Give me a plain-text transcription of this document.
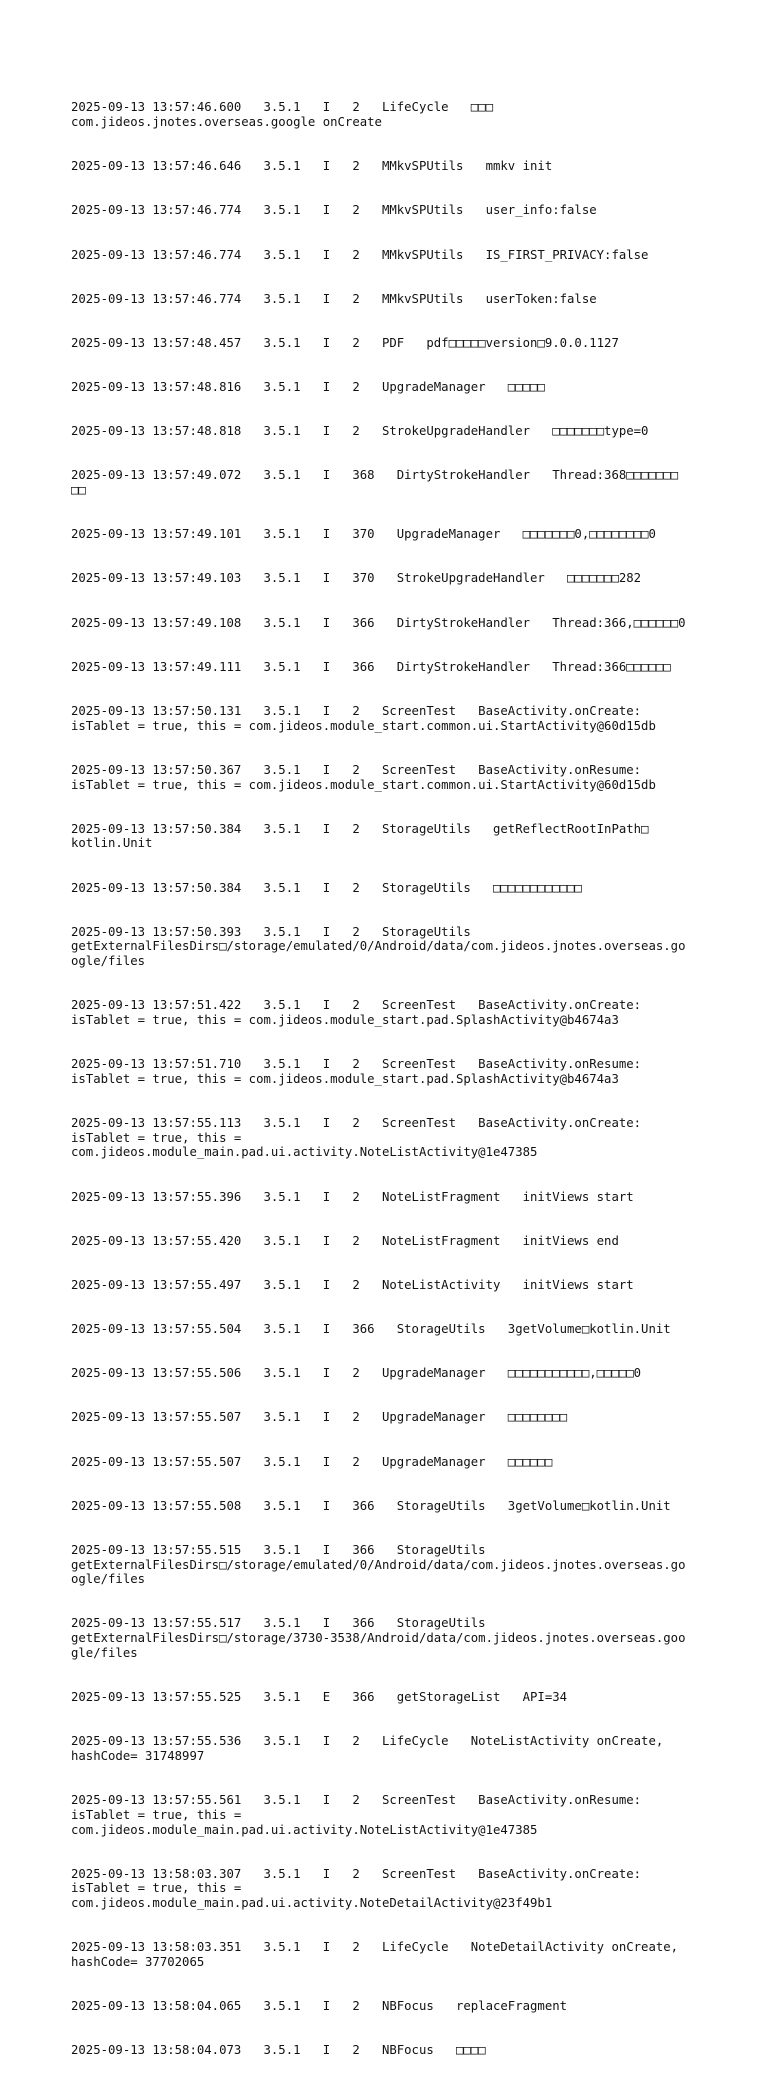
2025-09-13 13:57:46.600   3.5.1   I   2   LifeCycle   □□□
com.jideos.jnotes.overseas.google onCreate

2025-09-13 13:57:46.646   3.5.1   I   2   MMkvSPUtils   mmkv init

2025-09-13 13:57:46.774   3.5.1   I   2   MMkvSPUtils   user_info:false

2025-09-13 13:57:46.774   3.5.1   I   2   MMkvSPUtils   IS_FIRST_PRIVACY:false

2025-09-13 13:57:46.774   3.5.1   I   2   MMkvSPUtils   userToken:false

2025-09-13 13:57:48.457   3.5.1   I   2   PDF   pdf□□□□□version□9.0.0.1127

2025-09-13 13:57:48.816   3.5.1   I   2   UpgradeManager   □□□□□

2025-09-13 13:57:48.818   3.5.1   I   2   StrokeUpgradeHandler   □□□□□□□type=0

2025-09-13 13:57:49.072   3.5.1   I   368   DirtyStrokeHandler   Thread:368□□□□□□□
□□

2025-09-13 13:57:49.101   3.5.1   I   370   UpgradeManager   □□□□□□□0,□□□□□□□□0

2025-09-13 13:57:49.103   3.5.1   I   370   StrokeUpgradeHandler   □□□□□□□282

2025-09-13 13:57:49.108   3.5.1   I   366   DirtyStrokeHandler   Thread:366,□□□□□□0

2025-09-13 13:57:49.111   3.5.1   I   366   DirtyStrokeHandler   Thread:366□□□□□□

2025-09-13 13:57:50.131   3.5.1   I   2   ScreenTest   BaseActivity.onCreate:
isTablet = true, this = com.jideos.module_start.common.ui.StartActivity@60d15db

2025-09-13 13:57:50.367   3.5.1   I   2   ScreenTest   BaseActivity.onResume:
isTablet = true, this = com.jideos.module_start.common.ui.StartActivity@60d15db

2025-09-13 13:57:50.384   3.5.1   I   2   StorageUtils   getReflectRootInPath□
kotlin.Unit

2025-09-13 13:57:50.384   3.5.1   I   2   StorageUtils   □□□□□□□□□□□□

2025-09-13 13:57:50.393   3.5.1   I   2   StorageUtils
getExternalFilesDirs□/storage/emulated/0/Android/data/com.jideos.jnotes.overseas.go
ogle/files

2025-09-13 13:57:51.422   3.5.1   I   2   ScreenTest   BaseActivity.onCreate:
isTablet = true, this = com.jideos.module_start.pad.SplashActivity@b4674a3

2025-09-13 13:57:51.710   3.5.1   I   2   ScreenTest   BaseActivity.onResume:
isTablet = true, this = com.jideos.module_start.pad.SplashActivity@b4674a3

2025-09-13 13:57:55.113   3.5.1   I   2   ScreenTest   BaseActivity.onCreate:
isTablet = true, this =
com.jideos.module_main.pad.ui.activity.NoteListActivity@1e47385

2025-09-13 13:57:55.396   3.5.1   I   2   NoteListFragment   initViews start

2025-09-13 13:57:55.420   3.5.1   I   2   NoteListFragment   initViews end

2025-09-13 13:57:55.497   3.5.1   I   2   NoteListActivity   initViews start

2025-09-13 13:57:55.504   3.5.1   I   366   StorageUtils   3getVolume□kotlin.Unit

2025-09-13 13:57:55.506   3.5.1   I   2   UpgradeManager   □□□□□□□□□□□,□□□□□0

2025-09-13 13:57:55.507   3.5.1   I   2   UpgradeManager   □□□□□□□□

2025-09-13 13:57:55.507   3.5.1   I   2   UpgradeManager   □□□□□□

2025-09-13 13:57:55.508   3.5.1   I   366   StorageUtils   3getVolume□kotlin.Unit

2025-09-13 13:57:55.515   3.5.1   I   366   StorageUtils
getExternalFilesDirs□/storage/emulated/0/Android/data/com.jideos.jnotes.overseas.go
ogle/files

2025-09-13 13:57:55.517   3.5.1   I   366   StorageUtils
getExternalFilesDirs□/storage/3730-3538/Android/data/com.jideos.jnotes.overseas.goo
gle/files

2025-09-13 13:57:55.525   3.5.1   E   366   getStorageList   API=34

2025-09-13 13:57:55.536   3.5.1   I   2   LifeCycle   NoteListActivity onCreate,
hashCode= 31748997

2025-09-13 13:57:55.561   3.5.1   I   2   ScreenTest   BaseActivity.onResume:
isTablet = true, this =
com.jideos.module_main.pad.ui.activity.NoteListActivity@1e47385

2025-09-13 13:58:03.307   3.5.1   I   2   ScreenTest   BaseActivity.onCreate:
isTablet = true, this =
com.jideos.module_main.pad.ui.activity.NoteDetailActivity@23f49b1

2025-09-13 13:58:03.351   3.5.1   I   2   LifeCycle   NoteDetailActivity onCreate,
hashCode= 37702065

2025-09-13 13:58:04.065   3.5.1   I   2   NBFocus   replaceFragment

2025-09-13 13:58:04.073   3.5.1   I   2   NBFocus   □□□□
